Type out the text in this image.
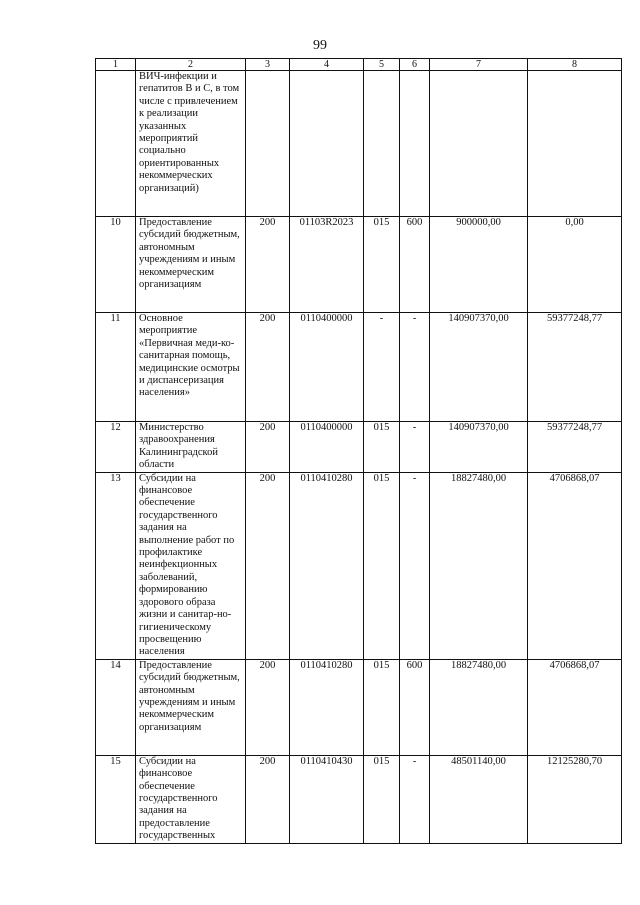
99
1	2	3	4	5	6	7	8
	ВИЧ-инфекции и гепатитов В и С, в том числе с привлечением к реализации указанных мероприятий социально ориентированных некоммерческих организаций)						
10	Предоставление субсидий бюджетным, автономным учреждениям и иным некоммерческим организациям	200	01103R2023	015	600	900000,00	0,00
11	Основное мероприятие «Первичная меди-ко-санитарная помощь, медицинские осмотры и диспансеризация населения»	200	0110400000	-	-	140907370,00	59377248,77
12	Министерство здравоохранения Калининградской области	200	0110400000	015	-	140907370,00	59377248,77
13	Субсидии на финансовое обеспечение государственного задания на выполнение работ по профилактике неинфекционных заболеваний, формированию здорового образа жизни и санитар-но-гигиеническому просвещению населения	200	0110410280	015	-	18827480,00	4706868,07
14	Предоставление субсидий бюджетным, автономным учреждениям и иным некоммерческим организациям	200	0110410280	015	600	18827480,00	4706868,07
15	Субсидии на финансовое обеспечение государственного задания на предоставление государственных	200	0110410430	015	-	48501140,00	12125280,70
